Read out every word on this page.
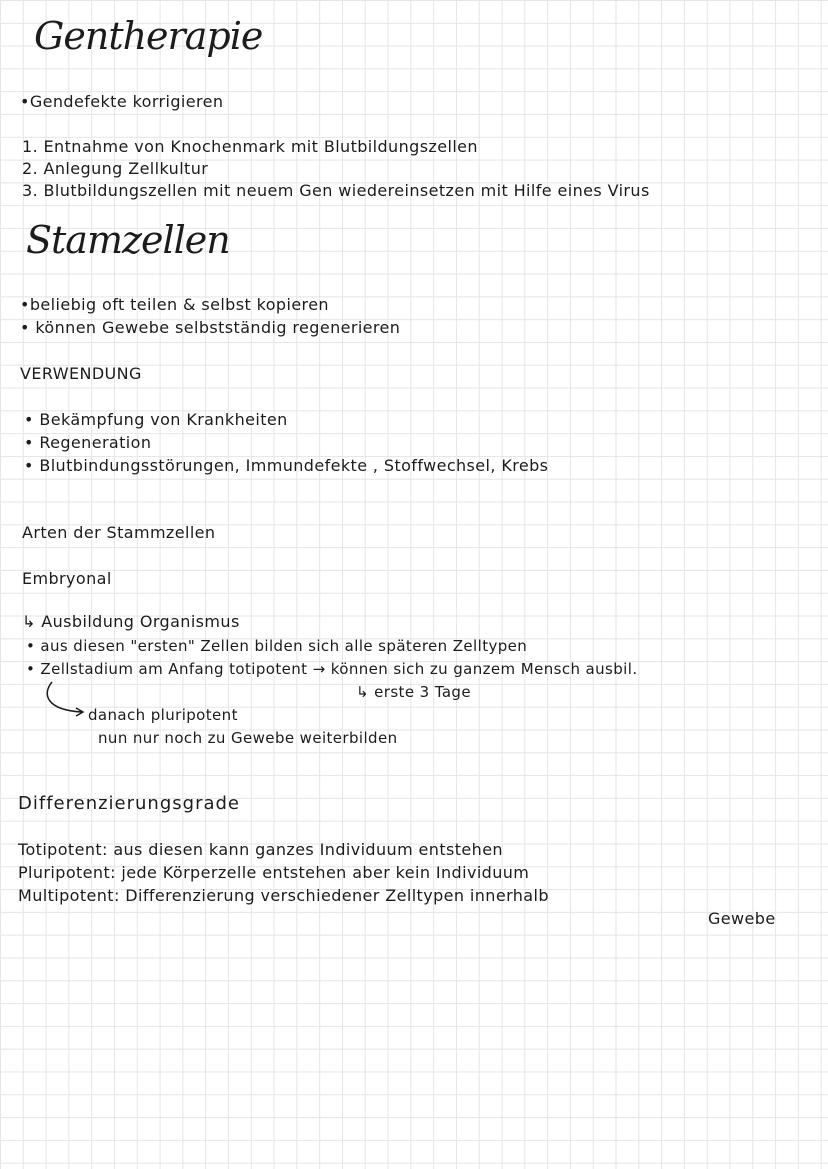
Gentherapie
•Gendefekte korrigieren
1. Entnahme von Knochenmark mit Blutbildungszellen
2. Anlegung Zellkultur
3. Blutbildungszellen mit neuem Gen wiedereinsetzen mit Hilfe eines Virus
Stamzellen
•beliebig oft teilen & selbst kopieren
• können Gewebe selbstständig regenerieren
VERWENDUNG
• Bekämpfung von Krankheiten
• Regeneration
• Blutbindungsstörungen, Immundefekte , Stoffwechsel, Krebs
Arten der Stammzellen
Embryonal
↳ Ausbildung Organismus
• aus diesen "ersten" Zellen bilden sich alle späteren Zelltypen
• Zellstadium am Anfang totipotent → können sich zu ganzem Mensch ausbil.
↳ erste 3 Tage
danach pluripotent
nun nur noch zu Gewebe weiterbilden
Differenzierungsgrade
Totipotent: aus diesen kann ganzes Individuum entstehen
Pluripotent: jede Körperzelle entstehen aber kein Individuum
Multipotent: Differenzierung verschiedener Zelltypen innerhalb
Gewebe
